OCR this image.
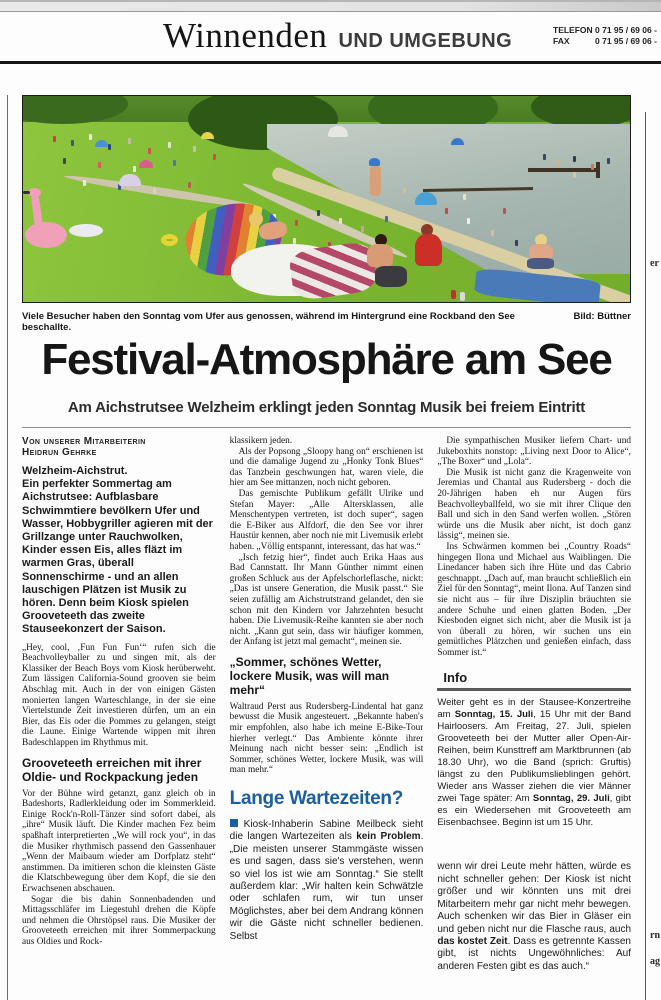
Winnenden UND UMGEBUNG	TELEFON 0 71 95 / 69 06 -
FAX	0 71 95 / 69 06 -
er
rn
ag
Viele Besucher haben den Sonntag vom Ufer aus genossen, während im Hintergrund eine Rockband den See beschallte.
Bild: Büttner
Festival-Atmosphäre am See
Am Aichstrutsee Welzheim erklingt jeden Sonntag Musik bei freiem Eintritt
Von unserer Mitarbeiterin
Heidrun Gehrke
Welzheim-Aichstrut.
Ein perfekter Sommertag am Aichstrutsee: Aufblasbare Schwimmtiere bevölkern Ufer und Wasser, Hobbygriller agieren mit der Grillzange unter Rauchwolken, Kinder essen Eis, alles fläzt im warmen Gras, überall Sonnenschirme - und an allen lauschigen Plätzen ist Musik zu hören. Denn beim Kiosk spielen Grooveteeth das zweite Stauseekonzert der Saison.

„Hey, cool, ‚Fun Fun Fun‘“ rufen sich die Beachvolleyballer zu und singen mit, als der Klassiker der Beach Boys vom Kiosk herüberweht. Zum lässigen California-Sound grooven sie beim Abschlag mit. Auch in der von einigen Gästen monierten langen Warteschlange, in der sie eine Viertelstunde Zeit investieren dürfen, um an ein Bier, das Eis oder die Pommes zu gelangen, steigt die Laune. Einige Wartende wippen mit ihren Badeschlappen im Rhythmus mit.

Grooveteeth erreichen mit ihrer Oldie- und Rockpackung jeden

Vor der Bühne wird getanzt, ganz gleich ob in Badeshorts, Radlerkleidung oder im Sommerkleid. Einige Rock'n-Roll-Tänzer sind sofort dabei, als „ihre“ Musik läuft. Die Kinder machen Fez beim spaßhaft interpretierten „We will rock you“, in das die Musiker rhythmisch passend den Gassenhauer „Wenn der Maibaum wieder am Dorfplatz steht“ anstimmen. Da imitieren schon die kleinsten Gäste die Klatschbewegung über dem Kopf, die sie den Erwachsenen abschauen.

Sogar die bis dahin Sonnenbadenden und Mittagsschläfer im Liegestuhl drehen die Köpfe und nehmen die Ohrstöpsel raus. Die Musiker der Grooveteeth erreichen mit ihrer Sommerpackung aus Oldies und Rock-

klassikern jeden.

Als der Popsong „Sloopy hang on“ erschienen ist und die damalige Jugend zu „Honky Tonk Blues“ das Tanzbein geschwungen hat, waren viele, die hier am See mittanzen, noch nicht geboren.

Das gemischte Publikum gefällt Ulrike und Stefan Mayer: „Alle Altersklassen, alle Menschentypen vertreten, ist doch super“, sagen die E-Biker aus Alfdorf, die den See vor ihrer Haustür kennen, aber noch nie mit Livemusik erlebt haben. „Völlig entspannt, interessant, das hat was.“

„Isch fetzig hier“, findet auch Erika Haas aus Bad Cannstatt. Ihr Mann Günther nimmt einen großen Schluck aus der Apfelschorleflasche, nickt: „Das ist unsere Generation, die Musik passt.“ Sie seien zufällig am Aichstrutstrand gelandet, den sie schon mit den Kindern vor Jahrzehnten besucht haben. Die Livemusik-Reihe kannten sie aber noch nicht. „Kann gut sein, dass wir häufiger kommen, der Anfang ist jetzt mal gemacht“, meinen sie.

„Sommer, schönes Wetter, lockere Musik, was will man mehr“

Waltraud Perst aus Rudersberg-Lindental hat ganz bewusst die Musik angesteuert. „Bekannte haben's mir empfohlen, also habe ich meine E-Bike-Tour hierher verlegt.“ Das Ambiente könnte ihrer Meinung nach nicht besser sein: „Endlich ist Sommer, schönes Wetter, lockere Musik, was will man mehr.“

Lange Wartezeiten?

Kiosk-Inhaberin Sabine Meilbeck sieht die langen Wartezeiten als kein Problem. „Die meisten unserer Stammgäste wissen es und sagen, dass sie's verstehen, wenn so viel los ist wie am Sonntag.“ Sie stellt außerdem klar: „Wir halten kein Schwätzle oder schlafen rum, wir tun unser Möglichstes, aber bei dem Andrang können wir die Gäste nicht schneller bedienen. Selbst

Die sympathischen Musiker liefern Chart- und Jukeboxhits nonstop: „Living next Door to Alice“, „The Boxer“ und „Lola“.

Die Musik ist nicht ganz die Kragenweite von Jeremias und Chantal aus Rudersberg - doch die 20-Jährigen haben eh nur Augen fürs Beachvolleyballfeld, wo sie mit ihrer Clique den Ball und sich in den Sand werfen wollen. „Stören würde uns die Musik aber nicht, ist doch ganz lässig“, meinen sie.

Ins Schwärmen kommen bei „Country Roads“ hingegen Ilona und Michael aus Waiblingen. Die Linedancer haben sich ihre Hüte und das Cabrio geschnappt. „Dach auf, man braucht schließlich ein Ziel für den Sonntag“, meint Ilona. Auf Tanzen sind sie nicht aus – für ihre Disziplin bräuchten sie andere Schuhe und einen glatten Boden. „Der Kiesboden eignet sich nicht, aber die Musik ist ja von überall zu hören, wir suchen uns ein gemütliches Plätzchen und genießen einfach, dass Sommer ist.“

Info

Weiter geht es in der Stausee-Konzertreihe am Sonntag, 15. Juli, 15 Uhr mit der Band Hairloosers. Am Freitag, 27. Juli, spielen Grooveteeth bei der Mutter aller Open-Air-Reihen, beim Kunsttreff am Marktbrunnen (ab 18.30 Uhr), wo die Band (sprich: Gruftis) längst zu den Publikumslieblingen gehört. Wieder ans Wasser ziehen die vier Männer zwei Tage später: Am Sonntag, 29. Juli, gibt es ein Wiedersehen mit Grooveteeth am Eisenbachsee. Beginn ist um 15 Uhr.

wenn wir drei Leute mehr hätten, würde es nicht schneller gehen: Der Kiosk ist nicht größer und wir könnten uns mit drei Mitarbeitern mehr gar nicht mehr bewegen. Auch schenken wir das Bier in Gläser ein und geben nicht nur die Flasche raus, auch das kostet Zeit. Dass es getrennte Kassen gibt, ist nichts Ungewöhnliches: Auf anderen Festen gibt es das auch.“
